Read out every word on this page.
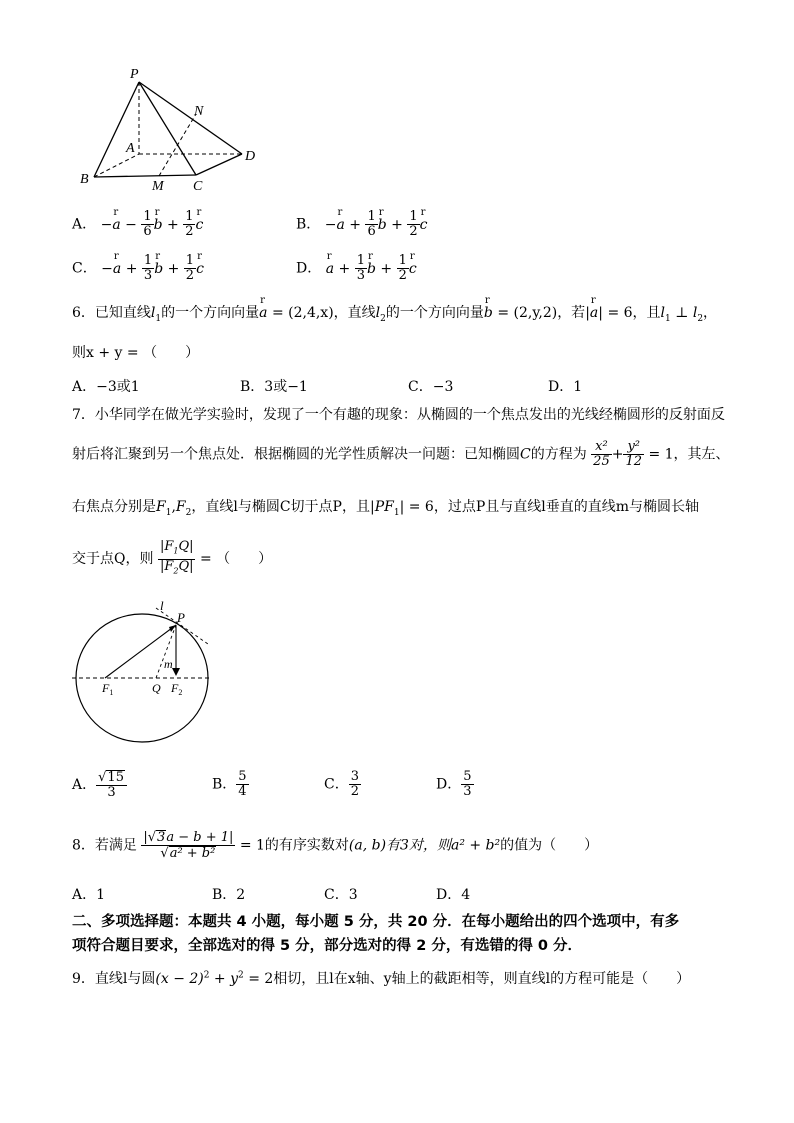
P
N
A
D
B	M C
A． −r $a - \frac{1}{6}$ r $b + \frac{1}{2}$ r c	B． −r $a + \frac{1}{6}$ r $b + \frac{1}{2}$ r c
C． −r $a + \frac{1}{3}$ r $b + \frac{1}{2}$ r c	D． r $a + \frac{1}{3}$ r $b + \frac{1}{2}$ r c
6．已知直线$l_1$的一个方向向量r a = (2,4,x)，直线$l_2$的一个方向向量r b = (2,y,2)，若|r a| = 6，且$l_1$ ⊥ $l_2$，
则x + y = （　　）
A．−3或1	B．3或−1	C．−3	D．1
7．小华同学在做光学实验时，发现了一个有趣的现象：从椭圆的一个焦点发出的光线经椭圆形的反射面反
射后将汇聚到另一个焦点处．根据椭圆的光学性质解决一问题：已知椭圆C的方程为 $\frac{\text{x²}}{25} + \frac{\text{y²}}{12} = 1$，其左、
右焦点分别是$F_1,F_2$，直线l与椭圆C切于点P，且$|PF_1| = 6$，过点P且与直线l垂直的直线m与椭圆长轴
交于点Q，则 $\frac{|F_1Q|}{|F_2Q|}$ = （　　）
l
P
m
$F_1$	Q $F_2$
A． $\frac{√15}{3}$	B． $\frac{5}{4}$	C． $\frac{3}{2}$	D． $\frac{5}{3}$
8．若满足 $\frac{|√3a - b + 1|}{\text{√a² + b²}} = 1$的有序实数对(a, b)有3对，则a² + b²的值为（　　）
A．1	B．2	C．3	D．4
二、多项选择题：本题共 4 小题，每小题 5 分，共 20 分．在每小题给出的四个选项中，有多
项符合题目要求，全部选对的得 5 分，部分选对的得 2 分，有选错的得 0 分．
9．直线l与圆$(x - 2)^2 + y^2 = 2$相切，且l在x轴、y轴上的截距相等，则直线l的方程可能是（　　）
